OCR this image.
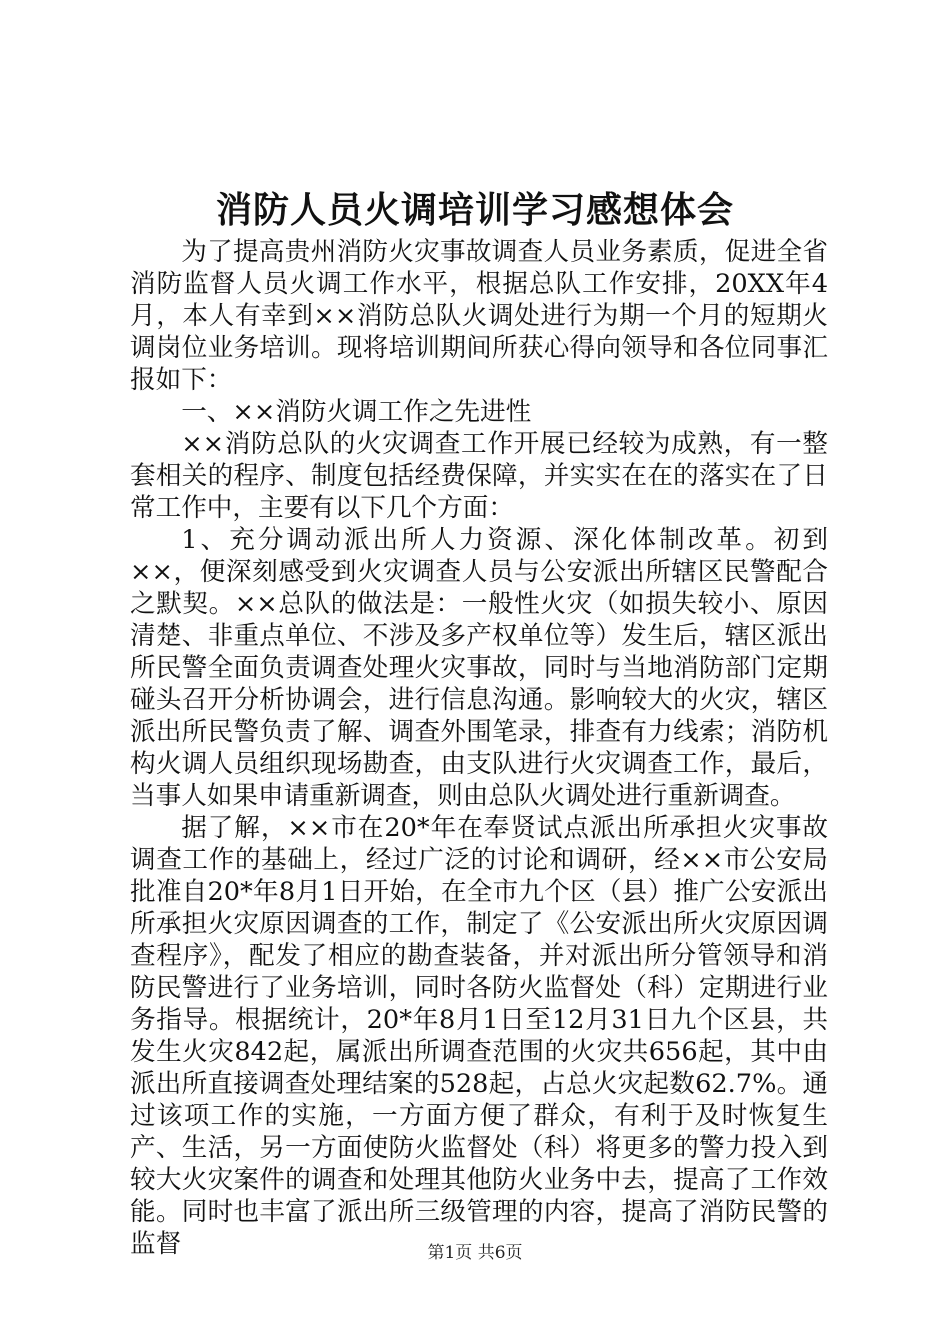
消防人员火调培训学习感想体会

为了提高贵州消防火灾事故调查人员业务素质，促进全省消防监督人员火调工作水平，根据总队工作安排，20XX年4月，本人有幸到××消防总队火调处进行为期一个月的短期火调岗位业务培训。现将培训期间所获心得向领导和各位同事汇报如下：

一、××消防火调工作之先进性

××消防总队的火灾调查工作开展已经较为成熟，有一整套相关的程序、制度包括经费保障，并实实在在的落实在了日常工作中，主要有以下几个方面：

1、充分调动派出所人力资源、深化体制改革。初到××，便深刻感受到火灾调查人员与公安派出所辖区民警配合之默契。××总队的做法是：一般性火灾（如损失较小、原因清楚、非重点单位、不涉及多产权单位等）发生后，辖区派出所民警全面负责调查处理火灾事故，同时与当地消防部门定期碰头召开分析协调会，进行信息沟通。影响较大的火灾，辖区派出所民警负责了解、调查外围笔录，排查有力线索；消防机构火调人员组织现场勘查，由支队进行火灾调查工作，最后，当事人如果申请重新调查，则由总队火调处进行重新调查。

据了解，××市在20*年在奉贤试点派出所承担火灾事故调查工作的基础上，经过广泛的讨论和调研，经××市公安局批准自20*年8月1日开始，在全市九个区（县）推广公安派出所承担火灾原因调查的工作，制定了《公安派出所火灾原因调查程序》，配发了相应的勘查装备，并对派出所分管领导和消防民警进行了业务培训，同时各防火监督处（科）定期进行业务指导。根据统计，20*年8月1日至12月31日九个区县，共发生火灾842起，属派出所调查范围的火灾共656起，其中由派出所直接调查处理结案的528起，占总火灾起数62.7%。通过该项工作的实施，一方面方便了群众，有利于及时恢复生产、生活，另一方面使防火监督处（科）将更多的警力投入到较大火灾案件的调查和处理其他防火业务中去，提高了工作效能。同时也丰富了派出所三级管理的内容，提高了消防民警的监督	第1页 共6页
